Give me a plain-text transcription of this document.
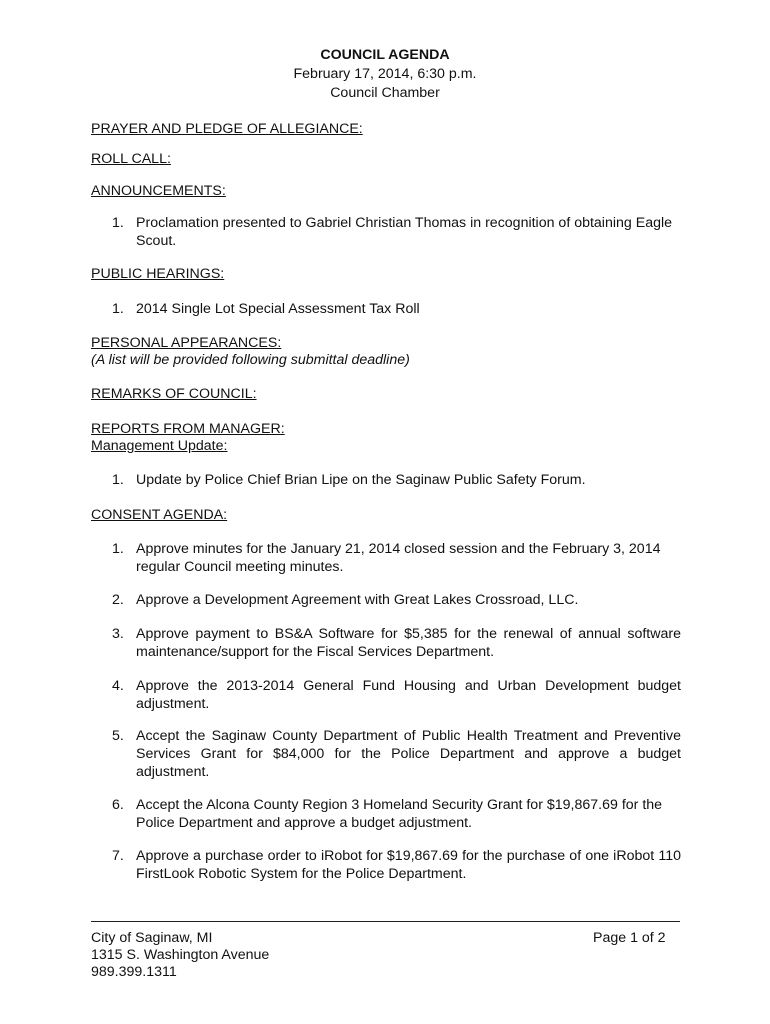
COUNCIL AGENDA
February 17, 2014, 6:30 p.m.
Council Chamber
PRAYER AND PLEDGE OF ALLEGIANCE:
ROLL CALL:
ANNOUNCEMENTS:
1. Proclamation presented to Gabriel Christian Thomas in recognition of obtaining Eagle Scout.
PUBLIC HEARINGS:
1. 2014 Single Lot Special Assessment Tax Roll
PERSONAL APPEARANCES:
(A list will be provided following submittal deadline)
REMARKS OF COUNCIL:
REPORTS FROM MANAGER:
Management Update:
1. Update by Police Chief Brian Lipe on the Saginaw Public Safety Forum.
CONSENT AGENDA:
1. Approve minutes for the January 21, 2014 closed session and the February 3, 2014 regular Council meeting minutes.
2. Approve a Development Agreement with Great Lakes Crossroad, LLC.
3. Approve payment to BS&A Software for $5,385 for the renewal of annual software maintenance/support for the Fiscal Services Department.
4. Approve the 2013-2014 General Fund Housing and Urban Development budget adjustment.
5. Accept the Saginaw County Department of Public Health Treatment and Preventive Services Grant for $84,000 for the Police Department and approve a budget adjustment.
6. Accept the Alcona County Region 3 Homeland Security Grant for $19,867.69 for the Police Department and approve a budget adjustment.
7. Approve a purchase order to iRobot for $19,867.69 for the purchase of one iRobot 110 FirstLook Robotic System for the Police Department.
City of Saginaw, MI
1315 S. Washington Avenue
989.399.1311
Page 1 of 2
